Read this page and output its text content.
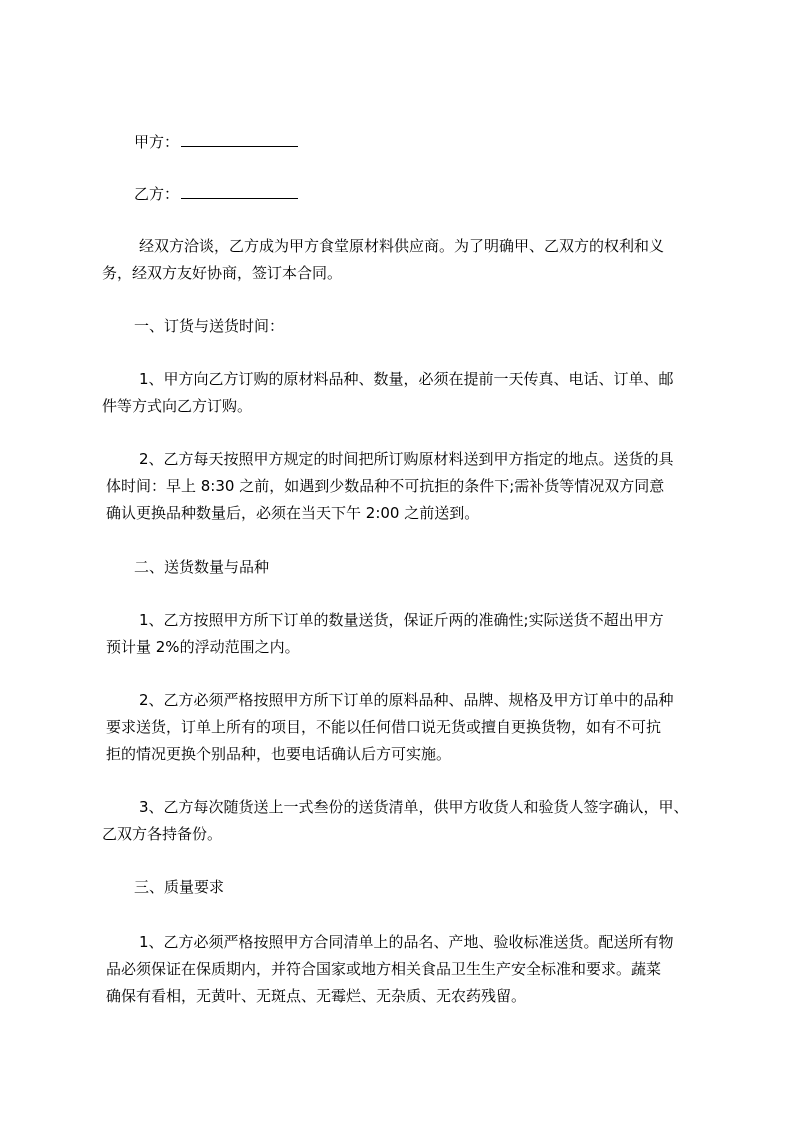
甲方：
乙方：
经双方洽谈，乙方成为甲方食堂原材料供应商。为了明确甲、乙双方的权利和义
务，经双方友好协商，签订本合同。
一、订货与送货时间：
1、甲方向乙方订购的原材料品种、数量，必须在提前一天传真、电话、订单、邮
件等方式向乙方订购。
2、乙方每天按照甲方规定的时间把所订购原材料送到甲方指定的地点。送货的具
体时间：早上 8:30 之前，如遇到少数品种不可抗拒的条件下;需补货等情况双方同意
确认更换品种数量后，必须在当天下午 2:00 之前送到。
二、送货数量与品种
1、乙方按照甲方所下订单的数量送货，保证斤两的准确性;实际送货不超出甲方
预计量 2%的浮动范围之内。
2、乙方必须严格按照甲方所下订单的原料品种、品牌、规格及甲方订单中的品种
要求送货，订单上所有的项目，不能以任何借口说无货或擅自更换货物，如有不可抗
拒的情况更换个别品种，也要电话确认后方可实施。
3、乙方每次随货送上一式叁份的送货清单，供甲方收货人和验货人签字确认，甲、
乙双方各持备份。
三、质量要求
1、乙方必须严格按照甲方合同清单上的品名、产地、验收标准送货。配送所有物
品必须保证在保质期内，并符合国家或地方相关食品卫生生产安全标准和要求。蔬菜
确保有看相，无黄叶、无斑点、无霉烂、无杂质、无农药残留。
